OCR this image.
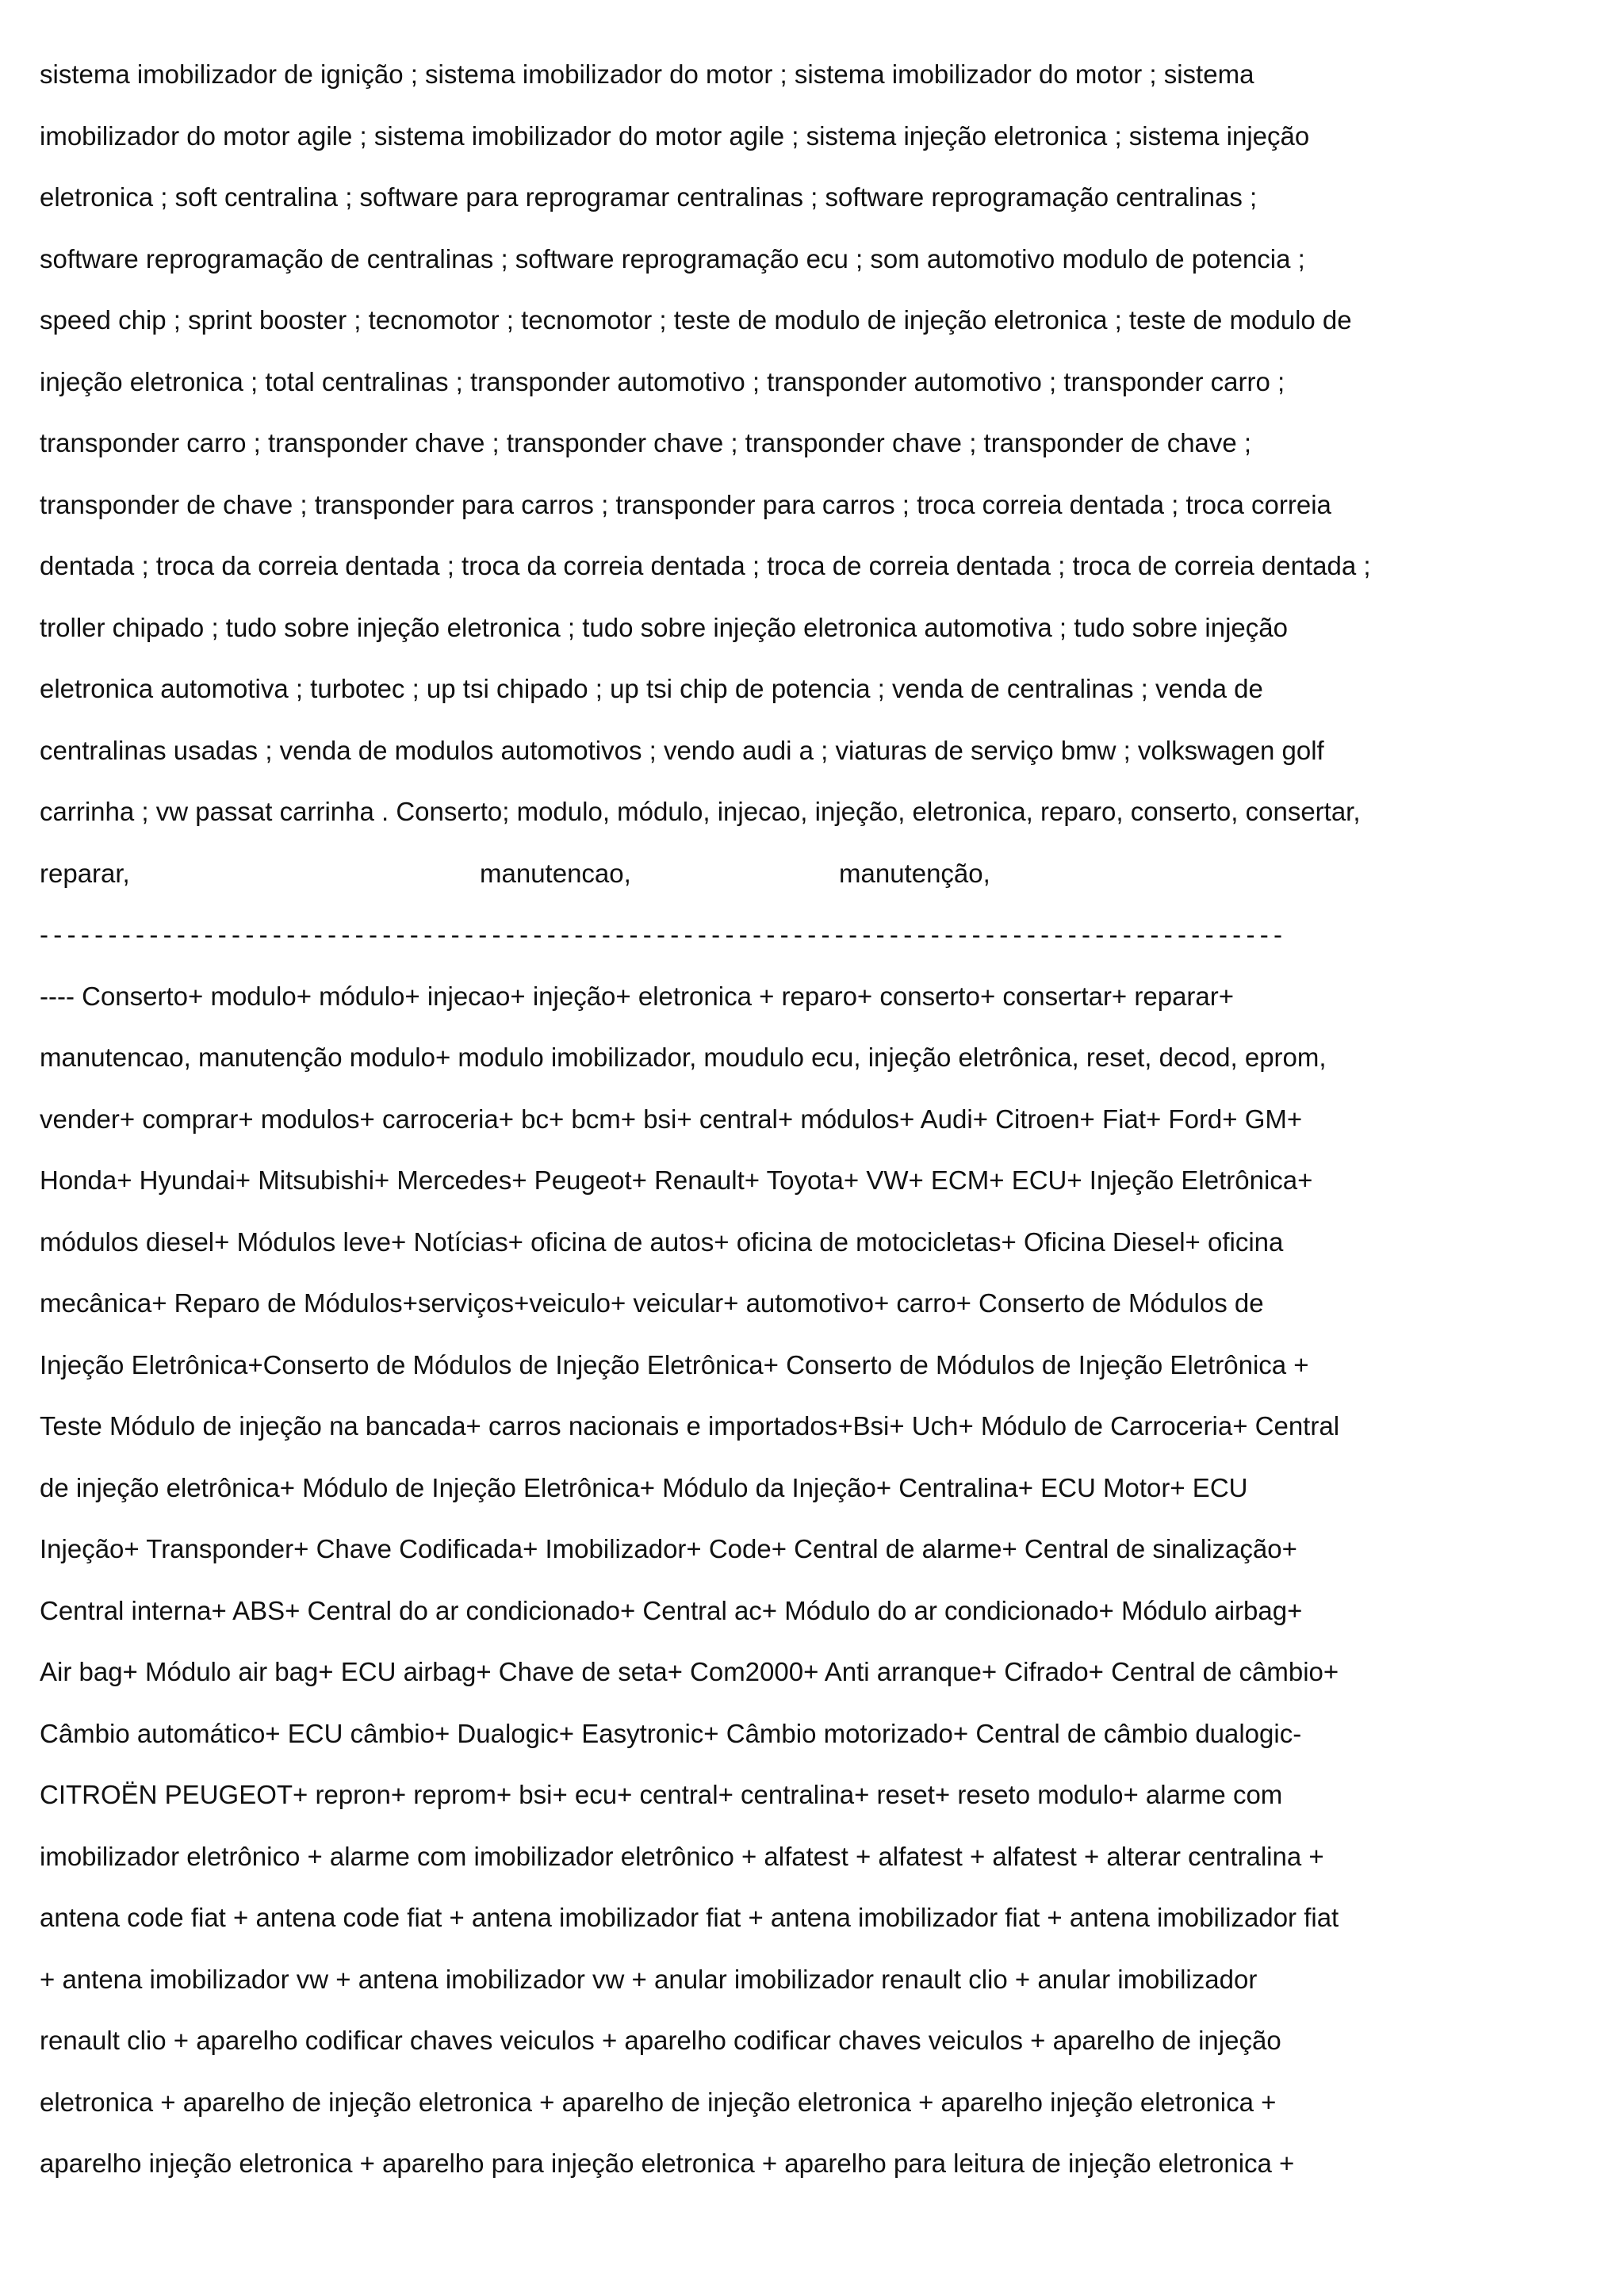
sistema imobilizador de ignição ; sistema imobilizador do motor ; sistema imobilizador do motor ; sistema
imobilizador do motor agile ; sistema imobilizador do motor agile ; sistema injeção eletronica ; sistema injeção
eletronica ; soft centralina ; software para reprogramar centralinas ; software reprogramação centralinas ;
software reprogramação de centralinas ; software reprogramação ecu ; som automotivo modulo de potencia ;
speed chip ; sprint booster ; tecnomotor ; tecnomotor ; teste de modulo de injeção eletronica ; teste de modulo de
injeção eletronica ; total centralinas ; transponder automotivo ; transponder automotivo ; transponder carro ;
transponder carro ; transponder chave ; transponder chave ; transponder chave ; transponder de chave ;
transponder de chave ; transponder para carros ; transponder para carros ; troca correia dentada ; troca correia
dentada ; troca da correia dentada ; troca da correia dentada ; troca de correia dentada ; troca de correia dentada ;
troller chipado ; tudo sobre injeção eletronica ; tudo sobre injeção eletronica automotiva ; tudo sobre injeção
eletronica automotiva ; turbotec ; up tsi chipado ; up tsi chip de potencia ; venda de centralinas ; venda de
centralinas usadas ; venda de modulos automotivos ; vendo audi a ; viaturas de serviço bmw ; volkswagen golf
carrinha ; vw passat carrinha . Conserto; modulo, módulo, injecao, injeção, eletronica, reparo, conserto, consertar,
reparar,	manutencao,	manutenção,
-------------------------------------------------------------------------------------------
---- Conserto+ modulo+ módulo+ injecao+ injeção+ eletronica + reparo+ conserto+ consertar+ reparar+
manutencao, manutenção modulo+ modulo imobilizador, moudulo ecu, injeção eletrônica, reset, decod, eprom,
vender+ comprar+ modulos+ carroceria+ bc+ bcm+ bsi+ central+ módulos+ Audi+ Citroen+ Fiat+ Ford+ GM+
Honda+ Hyundai+ Mitsubishi+ Mercedes+ Peugeot+ Renault+ Toyota+ VW+ ECM+ ECU+ Injeção Eletrônica+
módulos diesel+ Módulos leve+ Notícias+ oficina de autos+ oficina de motocicletas+ Oficina Diesel+ oficina
mecânica+ Reparo de Módulos+serviços+veiculo+ veicular+ automotivo+ carro+ Conserto de Módulos de
Injeção Eletrônica+Conserto de Módulos de Injeção Eletrônica+ Conserto de Módulos de Injeção Eletrônica +
Teste Módulo de injeção na bancada+ carros nacionais e importados+Bsi+ Uch+ Módulo de Carroceria+ Central
de injeção eletrônica+ Módulo de Injeção Eletrônica+ Módulo da Injeção+ Centralina+ ECU Motor+ ECU
Injeção+ Transponder+ Chave Codificada+ Imobilizador+ Code+ Central de alarme+ Central de sinalização+
Central interna+ ABS+ Central do ar condicionado+ Central ac+ Módulo do ar condicionado+ Módulo airbag+
Air bag+ Módulo air bag+ ECU airbag+ Chave de seta+ Com2000+ Anti arranque+ Cifrado+ Central de câmbio+
Câmbio automático+ ECU câmbio+ Dualogic+ Easytronic+ Câmbio motorizado+ Central de câmbio dualogic-
CITROËN PEUGEOT+ repron+ reprom+ bsi+ ecu+ central+ centralina+ reset+ reseto modulo+ alarme com
imobilizador eletrônico + alarme com imobilizador eletrônico + alfatest + alfatest + alfatest + alterar centralina +
antena code fiat + antena code fiat + antena imobilizador fiat + antena imobilizador fiat + antena imobilizador fiat
+ antena imobilizador vw + antena imobilizador vw + anular imobilizador renault clio + anular imobilizador
renault clio + aparelho codificar chaves veiculos + aparelho codificar chaves veiculos + aparelho de injeção
eletronica + aparelho de injeção eletronica + aparelho de injeção eletronica + aparelho injeção eletronica +
aparelho injeção eletronica + aparelho para injeção eletronica + aparelho para leitura de injeção eletronica +
